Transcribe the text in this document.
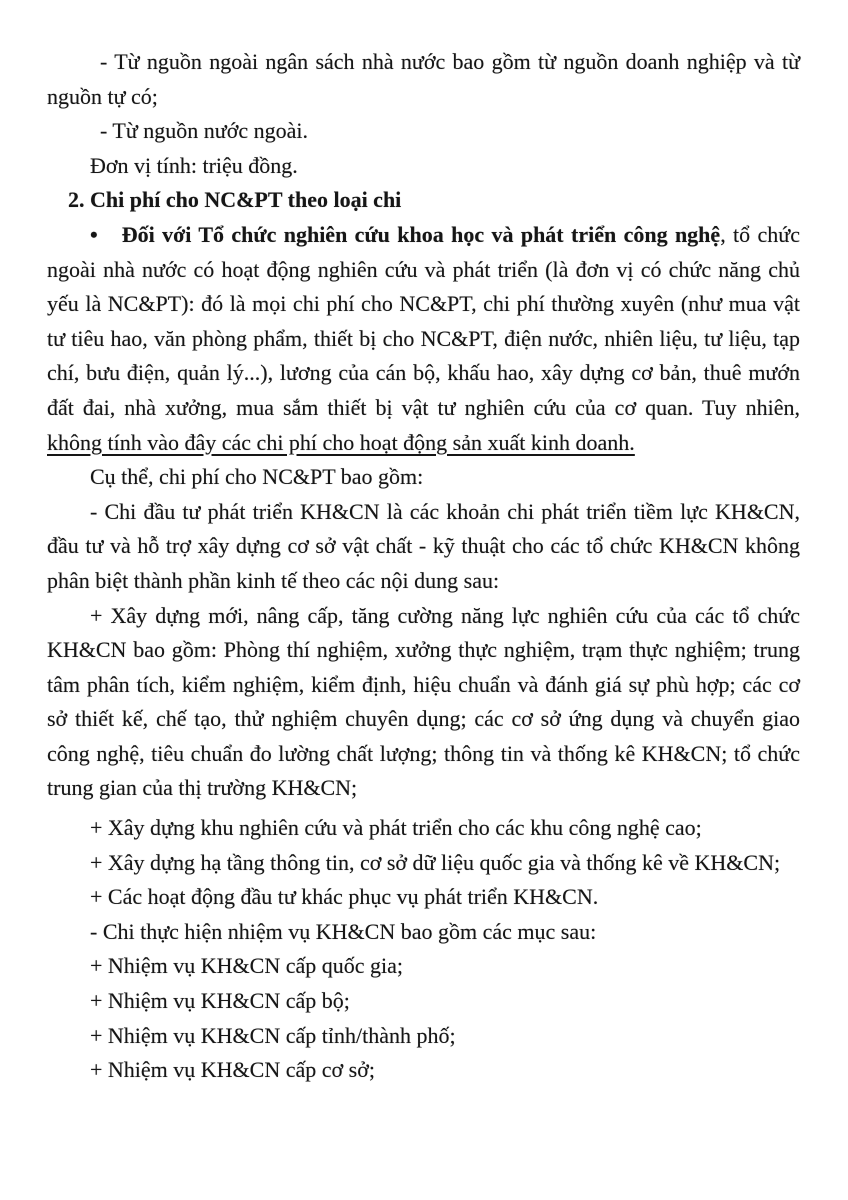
- Từ nguồn ngoài ngân sách nhà nước bao gồm từ nguồn doanh nghiệp và từ nguồn tự có;

- Từ nguồn nước ngoài.

Đơn vị tính: triệu đồng.

2. Chi phí cho NC&PT theo loại chi

• Đối với Tổ chức nghiên cứu khoa học và phát triển công nghệ, tổ chức ngoài nhà nước có hoạt động nghiên cứu và phát triển (là đơn vị có chức năng chủ yếu là NC&PT): đó là mọi chi phí cho NC&PT, chi phí thường xuyên (như mua vật tư tiêu hao, văn phòng phẩm, thiết bị cho NC&PT, điện nước, nhiên liệu, tư liệu, tạp chí, bưu điện, quản lý...), lương của cán bộ, khấu hao, xây dựng cơ bản, thuê mướn đất đai, nhà xưởng, mua sắm thiết bị vật tư nghiên cứu của cơ quan. Tuy nhiên, không tính vào đây các chi phí cho hoạt động sản xuất kinh doanh.

Cụ thể, chi phí cho NC&PT bao gồm:

- Chi đầu tư phát triển KH&CN là các khoản chi phát triển tiềm lực KH&CN, đầu tư và hỗ trợ xây dựng cơ sở vật chất - kỹ thuật cho các tổ chức KH&CN không phân biệt thành phần kinh tế theo các nội dung sau:

+ Xây dựng mới, nâng cấp, tăng cường năng lực nghiên cứu của các tổ chức KH&CN bao gồm: Phòng thí nghiệm, xưởng thực nghiệm, trạm thực nghiệm; trung tâm phân tích, kiểm nghiệm, kiểm định, hiệu chuẩn và đánh giá sự phù hợp; các cơ sở thiết kế, chế tạo, thử nghiệm chuyên dụng; các cơ sở ứng dụng và chuyển giao công nghệ, tiêu chuẩn đo lường chất lượng; thông tin và thống kê KH&CN; tổ chức trung gian của thị trường KH&CN;

+ Xây dựng khu nghiên cứu và phát triển cho các khu công nghệ cao;

+ Xây dựng hạ tầng thông tin, cơ sở dữ liệu quốc gia và thống kê về KH&CN;

+ Các hoạt động đầu tư khác phục vụ phát triển KH&CN.

- Chi thực hiện nhiệm vụ KH&CN bao gồm các mục sau:

+ Nhiệm vụ KH&CN cấp quốc gia;

+ Nhiệm vụ KH&CN cấp bộ;

+ Nhiệm vụ KH&CN cấp tỉnh/thành phố;

+ Nhiệm vụ KH&CN cấp cơ sở;
